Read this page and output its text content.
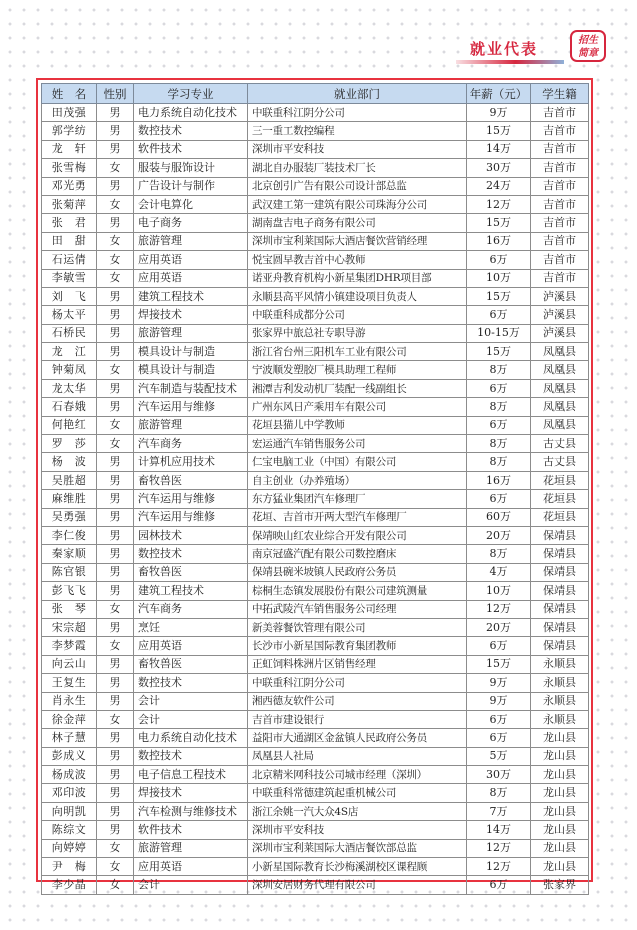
就业代表	招生
简章
姓　名	性别	学习专业	就业部门	年薪（元）	学生籍
田茂强	男	电力系统自动化技术	中联重科江阴分公司	9万	吉首市
郭学纺	男	数控技术	三一重工数控编程	15万	吉首市
龙　轩	男	软件技术	深圳市平安科技	14万	吉首市
张雪梅	女	服装与服饰设计	湖北自办服装厂装技术厂长	30万	吉首市
邓光勇	男	广告设计与制作	北京创引广告有限公司设计部总监	24万	吉首市
张菊萍	女	会计电算化	武汉建工第一建筑有限公司珠海分公司	12万	吉首市
张　君	男	电子商务	湖南盘吉电子商务有限公司	15万	吉首市
田　甜	女	旅游管理	深圳市宝利莱国际大酒店餐饮营销经理	16万	吉首市
石运倩	女	应用英语	悦宝圆早教吉首中心教师	6万	吉首市
李敏雪	女	应用英语	诺亚舟教育机构小新星集团DHR项目部	10万	吉首市
刘　飞	男	建筑工程技术	永顺县高平风情小镇建设项目负责人	15万	泸溪县
杨太平	男	焊接技术	中联重科成都分公司	6万	泸溪县
石桥民	男	旅游管理	张家界中旅总社专职导游	10-15万	泸溪县
龙　江	男	模具设计与制造	浙江省台州三阳机车工业有限公司	15万	凤凰县
钟菊凤	女	模具设计与制造	宁波顺发塑胶厂模具助理工程师	8万	凤凰县
龙太华	男	汽车制造与装配技术	湘潭吉利发动机厂装配一线副组长	6万	凤凰县
石春娥	男	汽车运用与维修	广州东风日产乘用车有限公司	8万	凤凰县
何艳红	女	旅游管理	花垣县猫儿中学教师	6万	凤凰县
罗　莎	女	汽车商务	宏运通汽车销售服务公司	8万	古丈县
杨　波	男	计算机应用技术	仁宝电脑工业（中国）有限公司	8万	古丈县
吴胜超	男	畜牧兽医	自主创业（办养殖场）	16万	花垣县
麻维胜	男	汽车运用与维修	东方猛业集团汽车修理厂	6万	花垣县
吴勇强	男	汽车运用与维修	花垣、吉首市开两大型汽车修理厂	60万	花垣县
李仁俊	男	园林技术	保靖映山红农业综合开发有限公司	20万	保靖县
秦家顺	男	数控技术	南京冠盛汽配有限公司数控磨床	8万	保靖县
陈官银	男	畜牧兽医	保靖县碗米坡镇人民政府公务员	4万	保靖县
彭飞飞	男	建筑工程技术	棕桐生态镇发展股份有限公司建筑测量	10万	保靖县
张　琴	女	汽车商务	中拓武陵汽车销售服务公司经理	12万	保靖县
宋宗超	男	烹饪	新美蓉餐饮管理有限公司	20万	保靖县
李梦霞	女	应用英语	长沙市小新星国际教育集团教师	6万	保靖县
向云山	男	畜牧兽医	正虹饲料株洲片区销售经理	15万	永顺县
王复生	男	数控技术	中联重科江阴分公司	9万	永顺县
肖永生	男	会计	湘西德友软件公司	9万	永顺县
徐金萍	女	会计	吉首市建设银行	6万	永顺县
林子慧	男	电力系统自动化技术	益阳市大通湖区金盆镇人民政府公务员	6万	龙山县
彭成义	男	数控技术	凤凰县人社局	5万	龙山县
杨成波	男	电子信息工程技术	北京精米网科技公司城市经理（深圳）	30万	龙山县
邓印波	男	焊接技术	中联重科常德建筑起重机械公司	8万	龙山县
向明凯	男	汽车检测与维修技术	浙江余姚一汽大众4S店	7万	龙山县
陈综文	男	软件技术	深圳市平安科技	14万	龙山县
向婷婷	女	旅游管理	深圳市宝利莱国际大酒店餐饮部总监	12万	龙山县
尹　梅	女	应用英语	小新星国际教育长沙梅溪湖校区课程顾	12万	龙山县
李少晶	女	会计	深圳安居财务代理有限公司	6万	张家界
